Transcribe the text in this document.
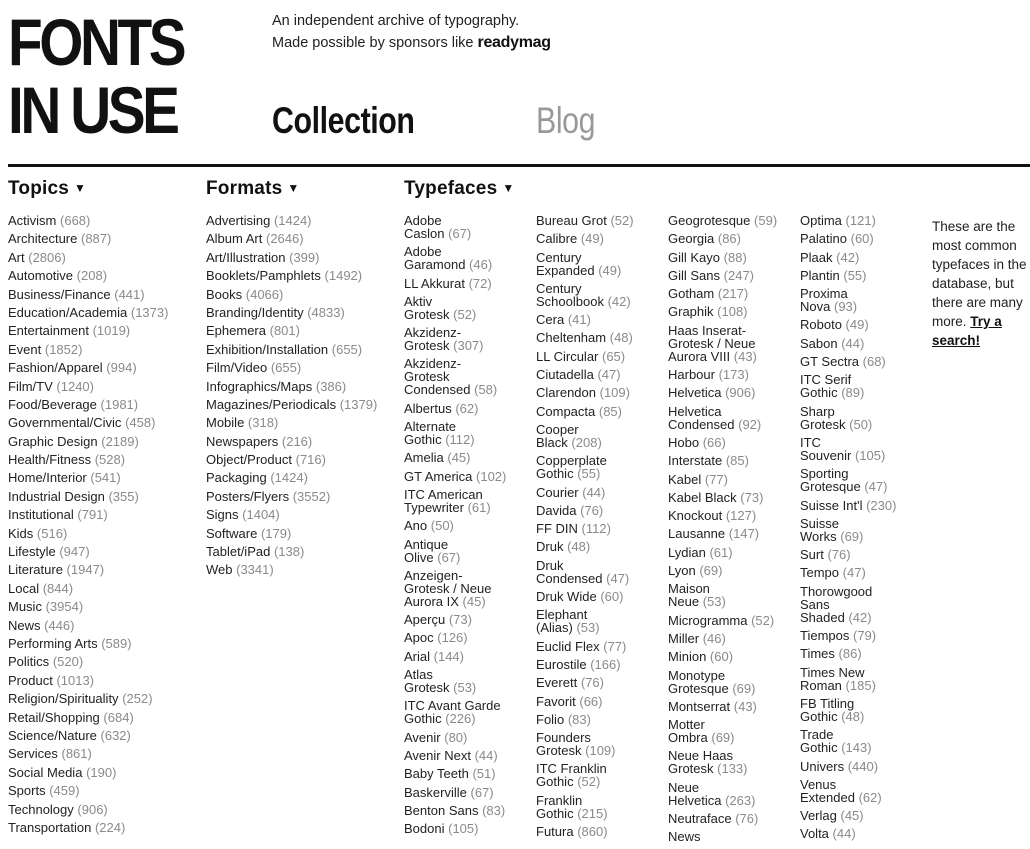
FONTS
IN USE
An independent archive of typography.
Made possible by sponsors like readymag
Collection	Blog
Topics ▼	Formats ▼	Typefaces ▼
Activism (668)
Architecture (887)
Art (2806)
Automotive (208)
Business/Finance (441)
Education/Academia (1373)
Entertainment (1019)
Event (1852)
Fashion/Apparel (994)
Film/TV (1240)
Food/Beverage (1981)
Governmental/Civic (458)
Graphic Design (2189)
Health/Fitness (528)
Home/Interior (541)
Industrial Design (355)
Institutional (791)
Kids (516)
Lifestyle (947)
Literature (1947)
Local (844)
Music (3954)
News (446)
Performing Arts (589)
Politics (520)
Product (1013)
Religion/Spirituality (252)
Retail/Shopping (684)
Science/Nature (632)
Services (861)
Social Media (190)
Sports (459)
Technology (906)
Transportation (224)
Advertising (1424)
Album Art (2646)
Art/Illustration (399)
Booklets/Pamphlets (1492)
Books (4066)
Branding/Identity (4833)
Ephemera (801)
Exhibition/Installation (655)
Film/Video (655)
Infographics/Maps (386)
Magazines/Periodicals (1379)
Mobile (318)
Newspapers (216)
Object/Product (716)
Packaging (1424)
Posters/Flyers (3552)
Signs (1404)
Software (179)
Tablet/iPad (138)
Web (3341)
Adobe
Caslon (67)
Adobe
Garamond (46)
LL Akkurat (72)
Aktiv
Grotesk (52)
Akzidenz-
Grotesk (307)
Akzidenz-
Grotesk
Condensed (58)
Albertus (62)
Alternate
Gothic (112)
Amelia (45)
GT America (102)
ITC American
Typewriter (61)
Ano (50)
Antique
Olive (67)
Anzeigen-
Grotesk / Neue
Aurora IX (45)
Aperçu (73)
Apoc (126)
Arial (144)
Atlas
Grotesk (53)
ITC Avant Garde
Gothic (226)
Avenir (80)
Avenir Next (44)
Baby Teeth (51)
Baskerville (67)
Benton Sans (83)
Bodoni (105)
Bureau Grot (52)
Calibre (49)
Century
Expanded (49)
Century
Schoolbook (42)
Cera (41)
Cheltenham (48)
LL Circular (65)
Ciutadella (47)
Clarendon (109)
Compacta (85)
Cooper
Black (208)
Copperplate
Gothic (55)
Courier (44)
Davida (76)
FF DIN (112)
Druk (48)
Druk
Condensed (47)
Druk Wide (60)
Elephant
(Alias) (53)
Euclid Flex (77)
Eurostile (166)
Everett (76)
Favorit (66)
Folio (83)
Founders
Grotesk (109)
ITC Franklin
Gothic (52)
Franklin
Gothic (215)
Futura (860)
Geogrotesque (59)
Georgia (86)
Gill Kayo (88)
Gill Sans (247)
Gotham (217)
Graphik (108)
Haas Inserat-
Grotesk / Neue
Aurora VIII (43)
Harbour (173)
Helvetica (906)
Helvetica
Condensed (92)
Hobo (66)
Interstate (85)
Kabel (77)
Kabel Black (73)
Knockout (127)
Lausanne (147)
Lydian (61)
Lyon (69)
Maison
Neue (53)
Microgramma (52)
Miller (46)
Minion (60)
Monotype
Grotesque (69)
Montserrat (43)
Motter
Ombra (69)
Neue Haas
Grotesk (133)
Neue
Helvetica (263)
Neutraface (76)
News
Optima (121)
Palatino (60)
Plaak (42)
Plantin (55)
Proxima
Nova (93)
Roboto (49)
Sabon (44)
GT Sectra (68)
ITC Serif
Gothic (89)
Sharp
Grotesk (50)
ITC
Souvenir (105)
Sporting
Grotesque (47)
Suisse Int'l (230)
Suisse
Works (69)
Surt (76)
Tempo (47)
Thorowgood
Sans
Shaded (42)
Tiempos (79)
Times (86)
Times New
Roman (185)
FB Titling
Gothic (48)
Trade
Gothic (143)
Univers (440)
Venus
Extended (62)
Verlag (45)
Volta (44)
These are the most common typefaces in the database, but there are many more. Try a search!
